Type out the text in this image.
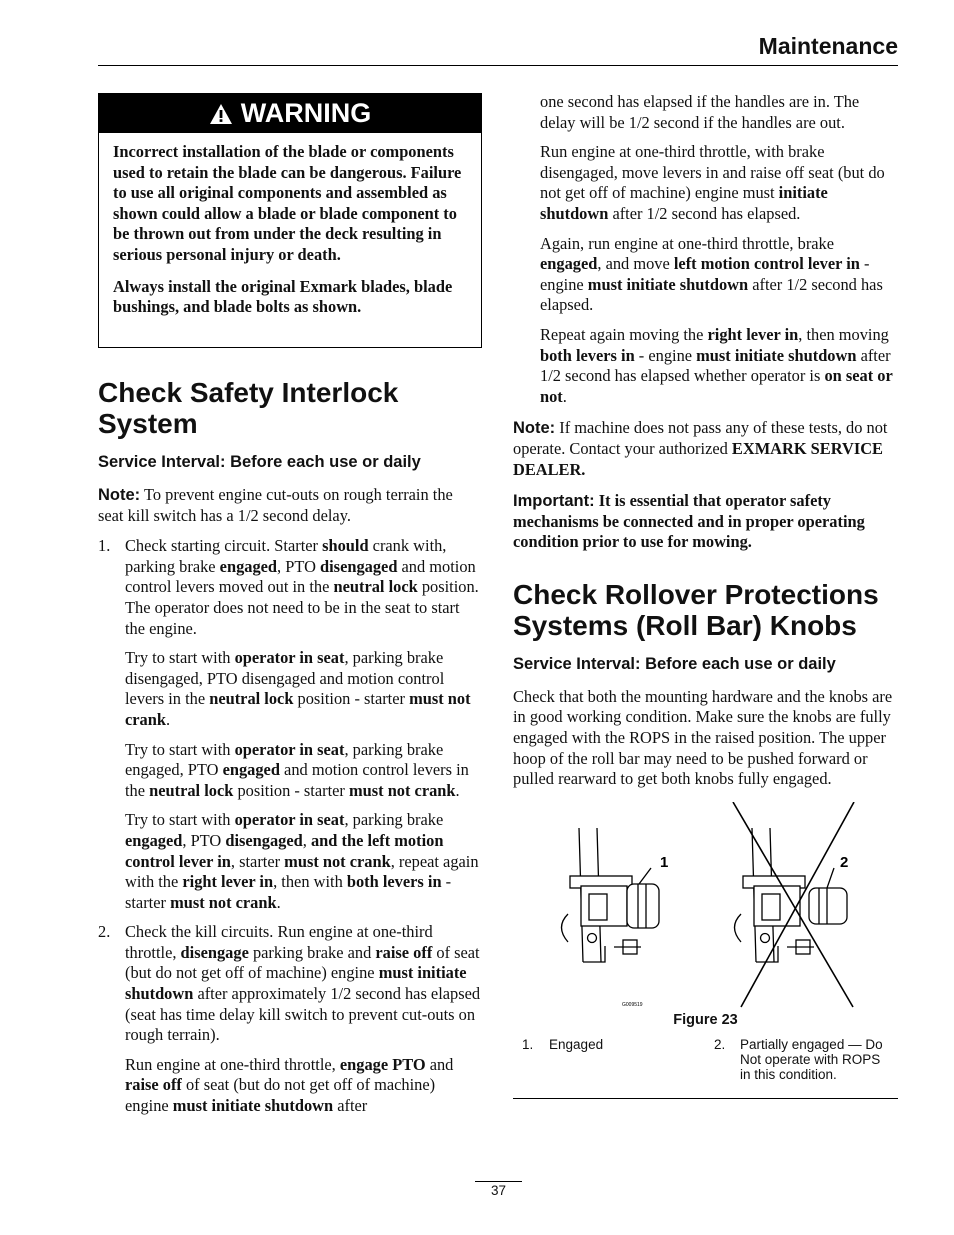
Maintenance
WARNING

Incorrect installation of the blade or components used to retain the blade can be dangerous. Failure to use all original components and assembled as shown could allow a blade or blade component to be thrown out from under the deck resulting in serious personal injury or death.

Always install the original Exmark blades, blade bushings, and blade bolts as shown.

Check Safety Interlock System
Service Interval: Before each use or daily
Note: To prevent engine cut-outs on rough terrain the seat kill switch has a 1/2 second delay.
1. Check starting circuit. Starter should crank with, parking brake engaged, PTO disengaged and motion control levers moved out in the neutral lock position. The operator does not need to be in the seat to start the engine.

Try to start with operator in seat, parking brake disengaged, PTO disengaged and motion control levers in the neutral lock position - starter must not crank.

Try to start with operator in seat, parking brake engaged, PTO engaged and motion control levers in the neutral lock position - starter must not crank.

Try to start with operator in seat, parking brake engaged, PTO disengaged, and the left motion control lever in, starter must not crank, repeat again with the right lever in, then with both levers in - starter must not crank.

2. Check the kill circuits. Run engine at one-third throttle, disengage parking brake and raise off of seat (but do not get off of machine) engine must initiate shutdown after approximately 1/2 second has elapsed (seat has time delay kill switch to prevent cut-outs on rough terrain).

Run engine at one-third throttle, engage PTO and raise off of seat (but do not get off of machine) engine must initiate shutdown after

one second has elapsed if the handles are in. The delay will be 1/2 second if the handles are out.

Run engine at one-third throttle, with brake disengaged, move levers in and raise off seat (but do not get off of machine) engine must initiate shutdown after 1/2 second has elapsed.

Again, run engine at one-third throttle, brake engaged, and move left motion control lever in - engine must initiate shutdown after 1/2 second has elapsed.

Repeat again moving the right lever in, then moving both levers in - engine must initiate shutdown after 1/2 second has elapsed whether operator is on seat or not.

Note: If machine does not pass any of these tests, do not operate. Contact your authorized EXMARK SERVICE DEALER.

Important: It is essential that operator safety mechanisms be connected and in proper operating condition prior to use for mowing.

Check Rollover Protections Systems (Roll Bar) Knobs
Service Interval: Before each use or daily
Check that both the mounting hardware and the knobs are in good working condition. Make sure the knobs are fully engaged with the ROPS in the raised position. The upper hoop of the roll bar may need to be pushed forward or pulled rearward to get both knobs fully engaged.
1	2
G009519
Figure 23
1. Engaged	2. Partially engaged — Do Not operate with ROPS in this condition.
37
